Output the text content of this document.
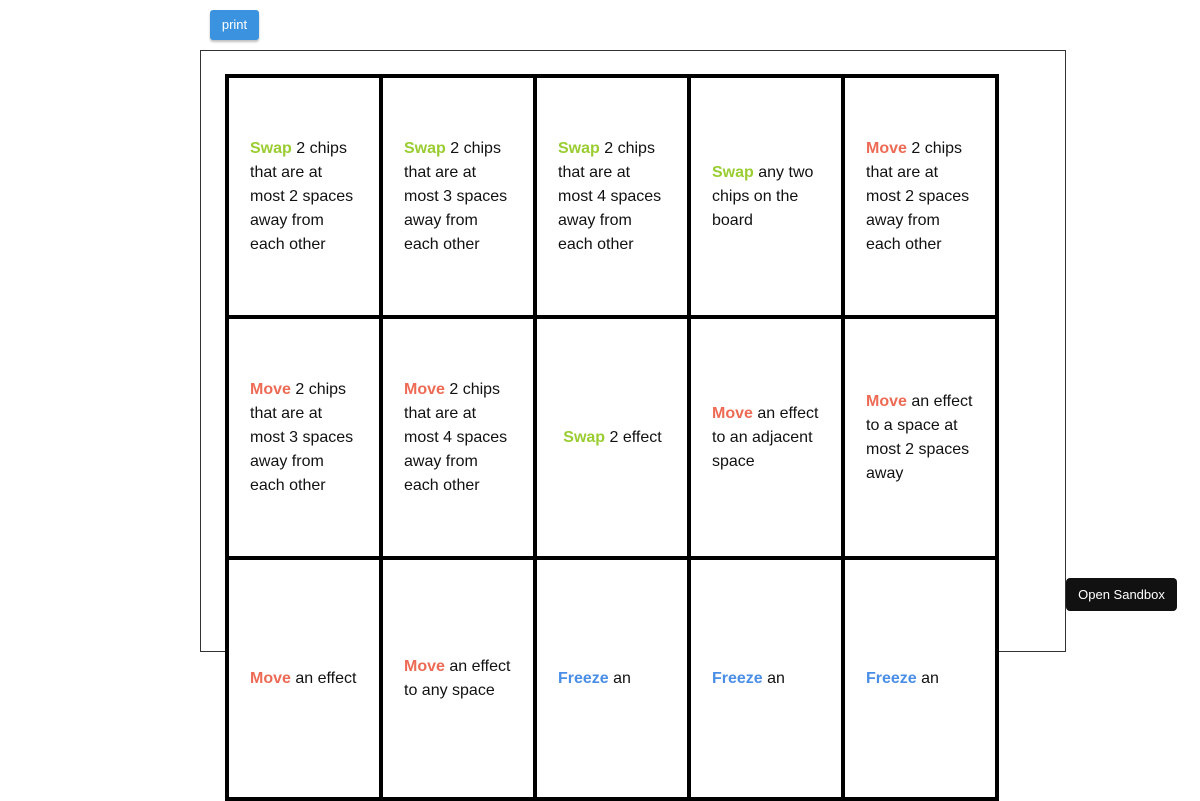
print
Swap 2 chips that are at most 2 spaces away from each other
Swap 2 chips that are at most 3 spaces away from each other
Swap 2 chips that are at most 4 spaces away from each other
Swap any two chips on the board
Move 2 chips that are at most 2 spaces away from each other
Move 2 chips that are at most 3 spaces away from each other
Move 2 chips that are at most 4 spaces away from each other
Swap 2 effect
Move an effect to an adjacent space
Move an effect to a space at most 2 spaces away
Move an effect
Move an effect to any space
Freeze an	Freeze an	Freeze an
Open Sandbox
